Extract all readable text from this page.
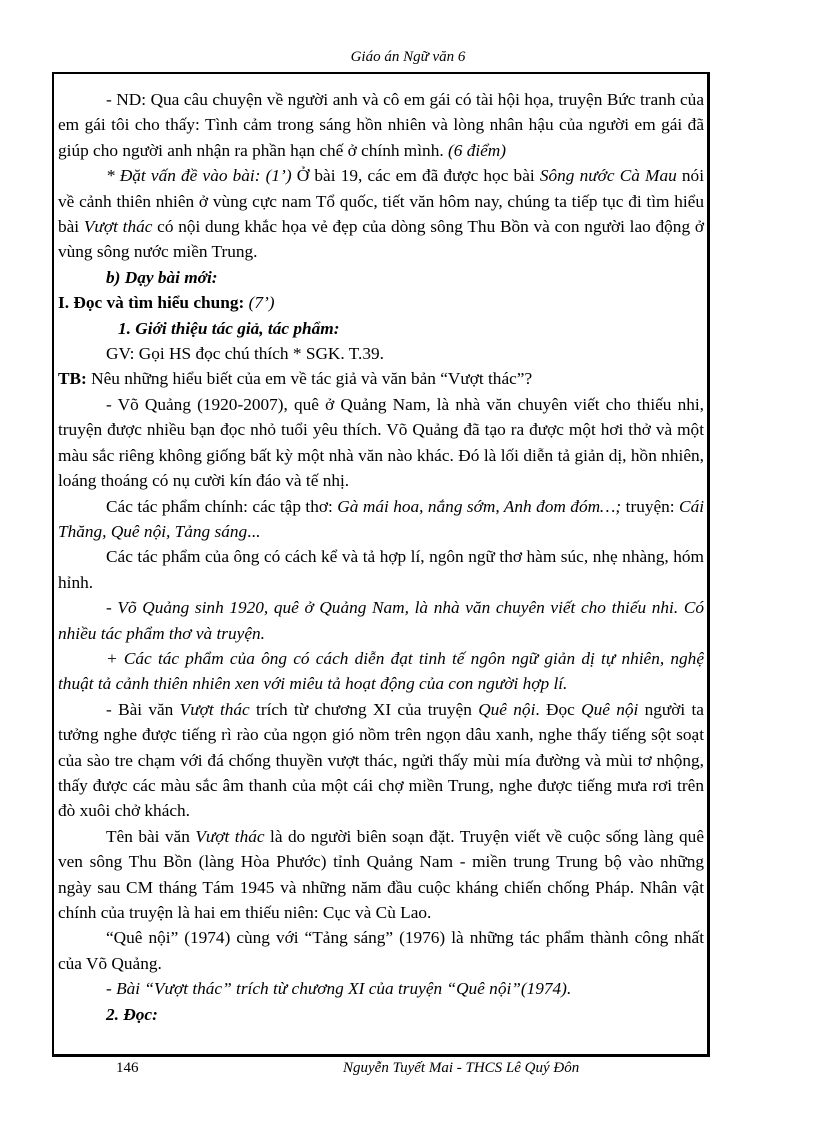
Giáo án Ngữ văn 6

- ND: Qua câu chuyện về người anh và cô em gái có tài hội họa, truyện Bức tranh của em gái tôi cho thấy: Tình cảm trong sáng hồn nhiên và lòng nhân hậu của người em gái đã giúp cho người anh nhận ra phần hạn chế ở chính mình. (6 điểm)

* Đặt vấn đề vào bài: (1’) Ở bài 19, các em đã được học bài Sông nước Cà Mau nói về cảnh thiên nhiên ở vùng cực nam Tổ quốc, tiết văn hôm nay, chúng ta tiếp tục đi tìm hiểu bài Vượt thác có nội dung khắc họa vẻ đẹp của dòng sông Thu Bồn và con người lao động ở vùng sông nước miền Trung.

b) Dạy bài mới:

I. Đọc và tìm hiểu chung: (7’)

1. Giới thiệu tác giả, tác phẩm:

GV: Gọi HS đọc chú thích * SGK. T.39.

TB: Nêu những hiểu biết của em về tác giả và văn bản “Vượt thác”?

- Võ Quảng (1920-2007), quê ở Quảng Nam, là nhà văn chuyên viết cho thiếu nhi, truyện được nhiều bạn đọc nhỏ tuổi yêu thích. Võ Quảng đã tạo ra được một hơi thở và một màu sắc riêng không giống bất kỳ một nhà văn nào khác. Đó là lối diễn tả giản dị, hồn nhiên, loáng thoáng có nụ cười kín đáo và tế nhị.

Các tác phẩm chính: các tập thơ: Gà mái hoa, nắng sớm, Anh đom đóm…; truyện: Cái Thăng, Quê nội, Tảng sáng...

Các tác phẩm của ông có cách kể và tả hợp lí, ngôn ngữ thơ hàm súc, nhẹ nhàng, hóm hỉnh.

- Võ Quảng sinh 1920, quê ở Quảng Nam, là nhà văn chuyên viết cho thiếu nhi. Có nhiều tác phẩm thơ và truyện.

+ Các tác phẩm của ông có cách diễn đạt tinh tế ngôn ngữ giản dị tự nhiên, nghệ thuật tả cảnh thiên nhiên xen với miêu tả hoạt động của con người hợp lí.

- Bài văn Vượt thác trích từ chương XI của truyện Quê nội. Đọc Quê nội người ta tưởng nghe được tiếng rì rào của ngọn gió nồm trên ngọn dâu xanh, nghe thấy tiếng sột soạt của sào tre chạm với đá chống thuyền vượt thác, ngửi thấy mùi mía đường và mùi tơ nhộng, thấy được các màu sắc âm thanh của một cái chợ miền Trung, nghe được tiếng mưa rơi trên đò xuôi chở khách.

Tên bài văn Vượt thác là do người biên soạn đặt. Truyện viết về cuộc sống làng quê ven sông Thu Bồn (làng Hòa Phước) tỉnh Quảng Nam - miền trung Trung bộ vào những ngày sau CM tháng Tám 1945 và những năm đầu cuộc kháng chiến chống Pháp. Nhân vật chính của truyện là hai em thiếu niên: Cục và Cù Lao.

“Quê nội” (1974) cùng với “Tảng sáng” (1976) là những tác phẩm thành công nhất của Võ Quảng.

- Bài “Vượt thác” trích từ chương XI của truyện “Quê nội”(1974).

2. Đọc:

146	Nguyễn Tuyết Mai - THCS Lê Quý Đôn
